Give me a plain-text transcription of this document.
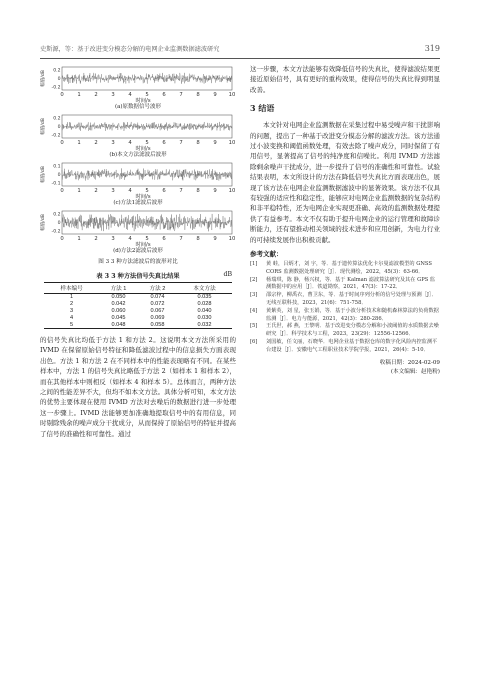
史斯源，等：基于改进变分模态分解的电网企业监测数据滤波研究	319
幅值/dB 0.2
0
-0.2
0	1	2	3	4	5	6	7	8	9 10
时间/s
(a)原数据信号波形
幅值/dB 0.2
0
-0.2
0	1	2	3	4	5	6	7	8	9 10
时间/s
(b)本文方法滤波后波形
幅值/dB 0.1
0
-0.1
0	1	2	3	4	5	6	7	8	9 10
时间/s
(c)方法1滤波后波形
幅值/dB 0.2
0
-0.2
0	1	2	3	4	5	6	7	8	9 10
时间/s
(d)方法2滤波后波形
图 3 3 种方法滤波后的波形对比
表 3 3 种方法信号失真比结果	dB
样本编号	方法 1	方法 2	本文方法
1	0.050	0.074	0.035
2	0.042	0.072	0.028
3	0.060	0.067	0.040
4	0.045	0.069	0.030
5	0.048	0.058	0.032

的信号失真比均低于方法 1 和方法 2。这说明本文方法所采用的 IVMD 在保留原始信号特征和降低滤波过程中的信息损失方面表现出色。方法 1 和方法 2 在不同样本中的性能表现略有不同。在某些样本中，方法 1 的信号失真比略低于方法 2（如样本 1 和样本 2），而在其他样本中则相反（如样本 4 和样本 5）。总体而言，两种方法之间的性能差异不大，但均不如本文方法。具体分析可知，本文方法的优势主要体现在使用 IVMD 方法对去噪后的数据进行进一步处理这一步骤上。IVMD 法能够更加准确地提取信号中的有用信息，同时剔除残余的噪声成分干扰成分，从而保持了原始信号的特征并提高了信号的准确性和可靠性。通过

这一步骤，本文方法能够有效降低信号的失真比，使得滤波结果更接近原始信号，具有更好的重构效果，使得信号的失真比得到明显改善。

3 结语

本文针对电网企业监测数据在采集过程中易受噪声和干扰影响的问题，提出了一种基于改进变分模态分解的滤波方法。该方法通过小波变换和阈值函数处理，有效去除了噪声成分，同时保留了有用信号，显著提高了信号的纯净度和信噪比。利用 IVMD 方法滤除剩余噪声干扰成分，进一步提升了信号的准确性和可靠性。试验结果表明，本文所设计的方法在降低信号失真比方面表现出色，展现了该方法在电网企业监测数据滤波中的显著效果。该方法不仅具有较强的适应性和稳定性，能够应对电网企业监测数据的复杂结构和非平稳特性，还为电网企业实现更准确、高效的监测数据处理提供了有益参考。本文不仅有助于提升电网企业的运行管理和故障诊断能力，还有望推动相关领域的技术进步和应用创新，为电力行业的可持续发展作出积极贡献。

参考文献：
[1]	黄 蛙，吕炳才，刘 宇，等．基于遗传算法优化卡尔曼滤波模型的 GNSS CORS 监测数据处理研究［J］．现代测绘，2022，45(3)：63-66．
[2]	杨瑞琪，陈 静，杨兴权，等．基于 Kalman 滤波算法研究及其在 GPS 监测数据中的应用［J］．铁道勘察，2021，47(3)：17-22．
[3]	邵宗梓，柳禹衣，曹卫东，等．基于时间序列分析的信号处理与预测［J］．无线互联科技，2023，21(6)：751-758．
[4]	黄紫英，刘 星，张玉娟，等．基于小波分析技术和随机森林算法的负荷数据监测［J］．电力与能源，2021，42(3)：280-286．
[5]	王氏世，郝 燕，王黎明．基于改进变分模态分解和小波阈值的水质数据去噪研究［J］．科学技术与工程，2023，23(29)：12556-12566．
[6]	刘国敏，任文丽，石晓华．电网企业基于数据仓库的数字化风险内控监测平台建设［J］．安徽电气工程职业技术学院学报，2021，26(4)：5-10．
收稿日期：2024-02-09
(本文编辑：赵艳粉)
